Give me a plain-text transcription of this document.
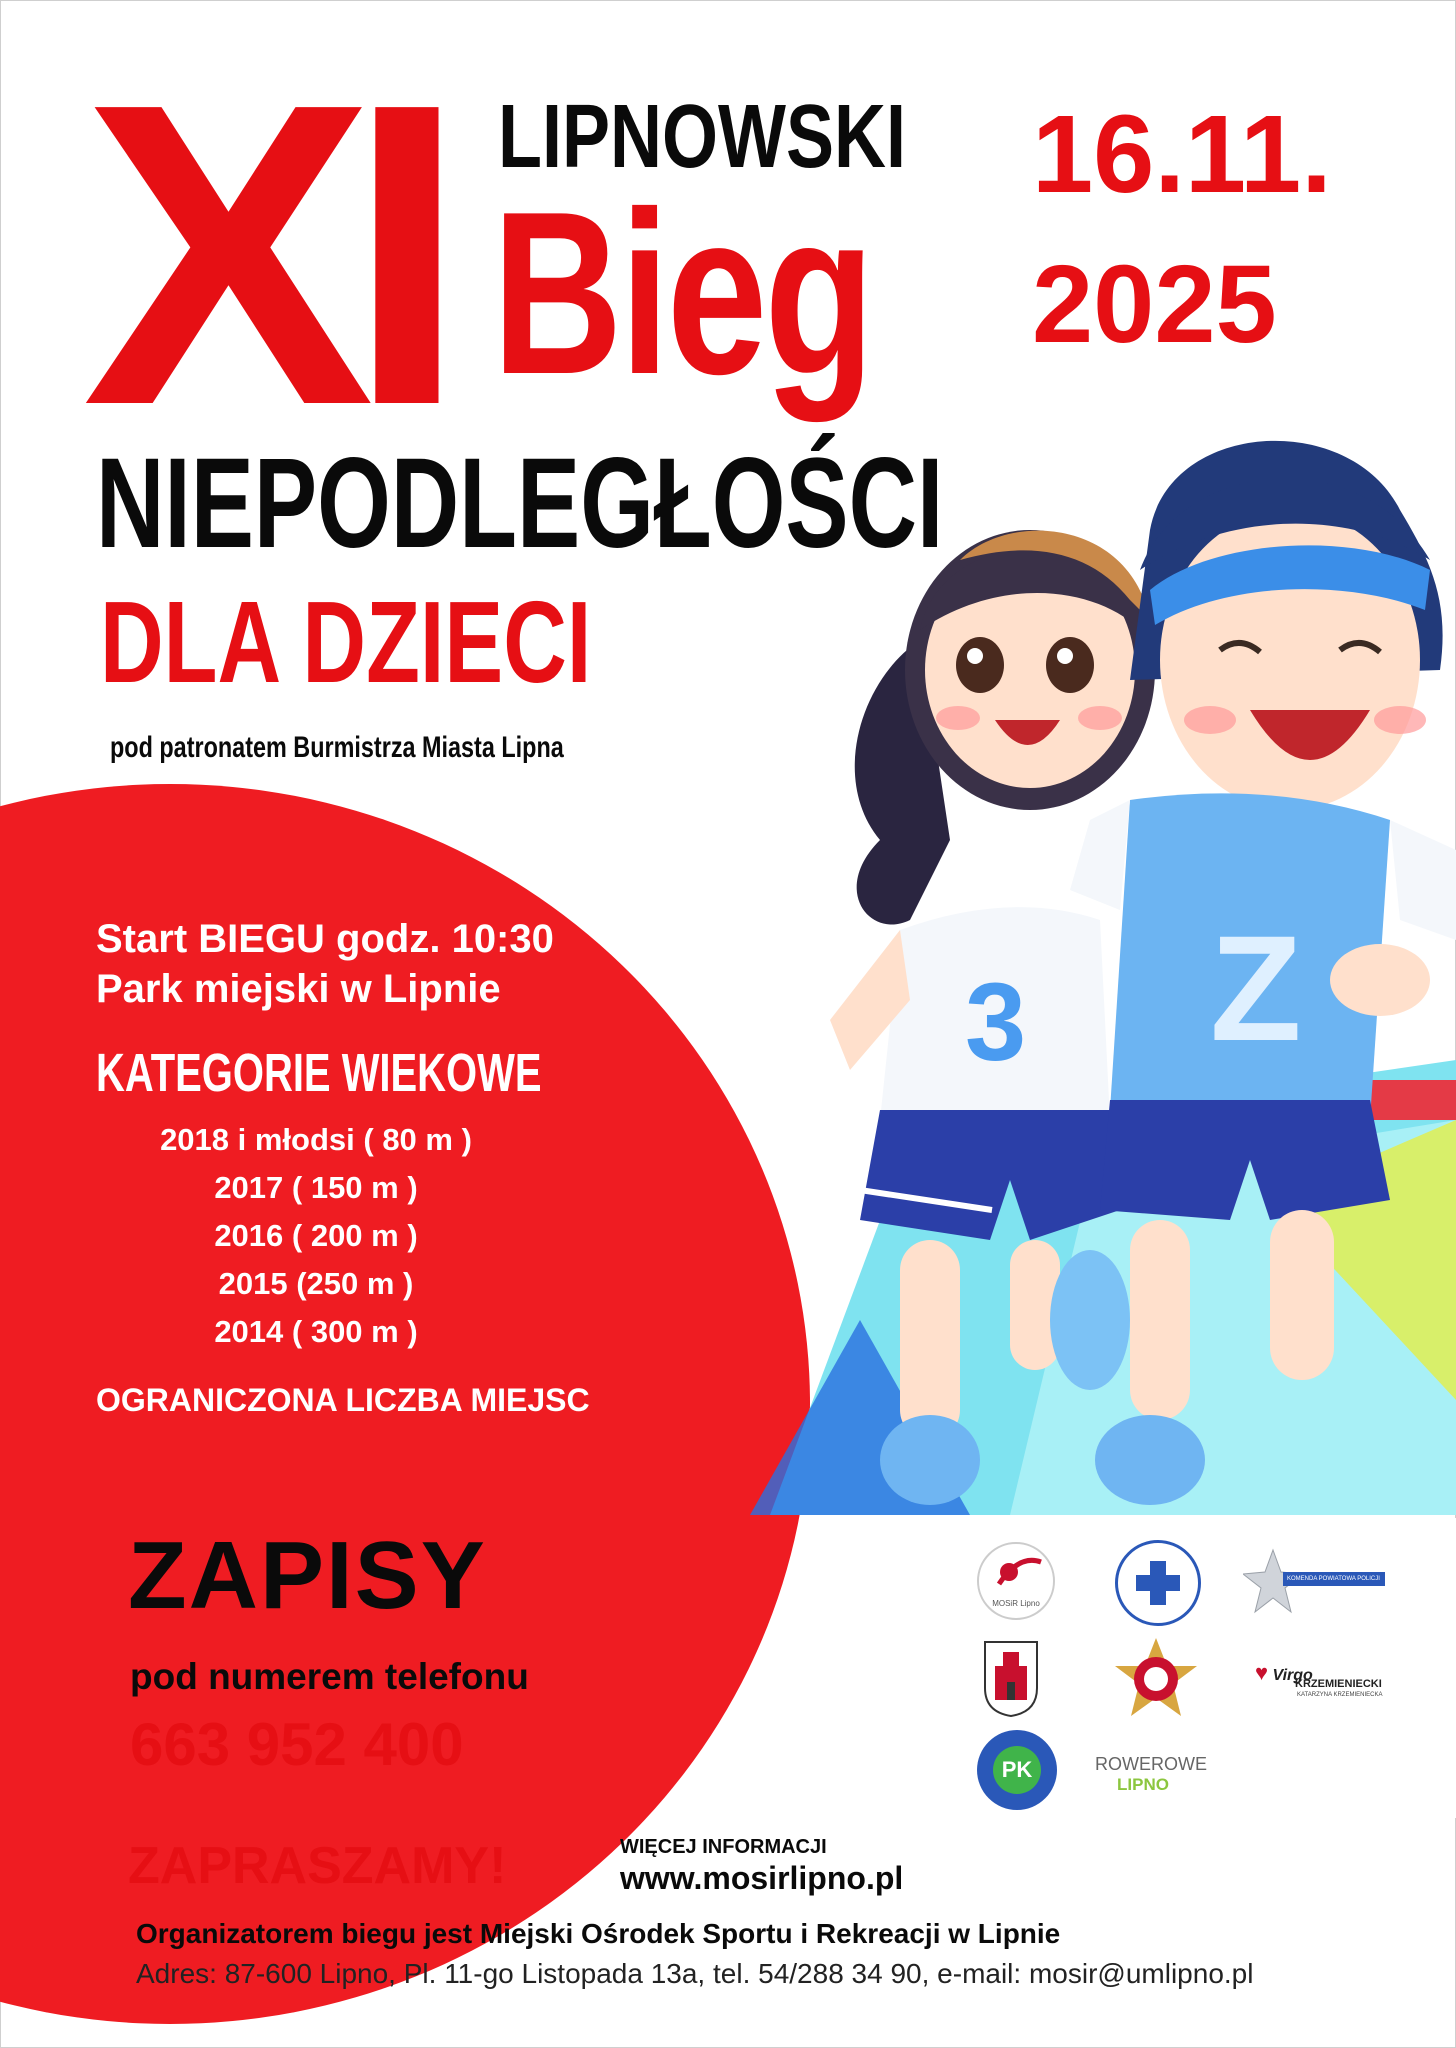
3 Z
XI LIPNOWSKI
Bieg
16.11.
2025
NIEPODLEGŁOŚCI
DLA DZIECI
pod patronatem Burmistrza Miasta Lipna
Start BIEGU godz. 10:30
Park miejski w Lipnie
KATEGORIE WIEKOWE
2018 i młodsi ( 80 m )
2017 ( 150 m )
2016 ( 200 m )
2015 (250 m )
2014 ( 300 m )
OGRANICZONA LICZBA MIEJSC
MOSiR Lipno
KOMENDA POWIATOWA POLICJI
♥ Virgo
KRZEMIENIECKI
KATARZYNA KRZEMIENIECKA
PK	ROWEROWE
LIPNO
ZAPISY
pod numerem telefonu
663 952 400
ZAPRASZAMY!	WIĘCEJ INFORMACJI
www.mosirlipno.pl
Organizatorem biegu jest Miejski Ośrodek Sportu i Rekreacji w Lipnie
Adres: 87-600 Lipno, Pl. 11-go Listopada 13a, tel. 54/288 34 90, e-mail: mosir@umlipno.pl
